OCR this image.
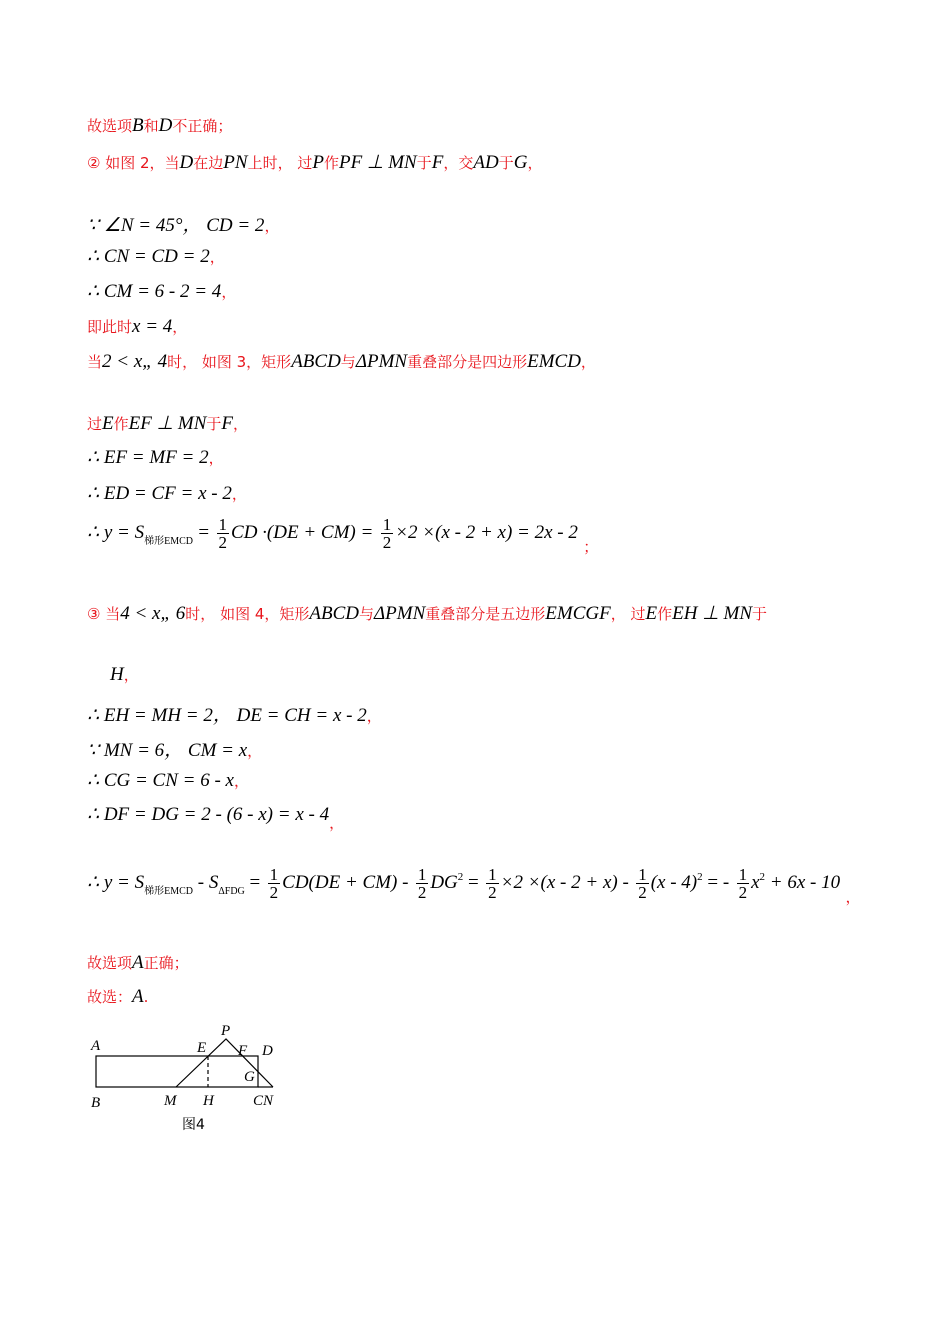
故选项B和D不正确；
② 如图 2，当D在边PN上时， 过P作PF ⊥ MN于F，交AD于G，
∵ ∠N = 45°， CD = 2，
∴ CN = CD = 2，
∴ CM = 6 - 2 = 4，
即此时x = 4，
当2 < x„ 4时， 如图 3，矩形ABCD与ΔPMN重叠部分是四边形EMCD，
过E作EF ⊥ MN于F，
∴ EF = MF = 2，
∴ ED = CF = x - 2，
∴ $y = S_{梯形EMCD} = \frac{1}{2}$ CD $\cdot(DE + CM) = \frac{1}{2} \times 2 \times(x - 2 + x) = 2x - 2$ ；
③ 当4 < x„ 6时， 如图 4，矩形ABCD与ΔPMN重叠部分是五边形EMCGF， 过E作EH ⊥ MN于
H，
∴ EH = MH = 2， DE = CH = x - 2，
∵ MN = 6， CM = x，
∴ CG = CN = 6 - x，
∴ DF = DG = 2 - (6 - x) = x - 4，
∴ $y = S_{梯形EMCD} - S_{\Delta FDG} = \frac{1}{2} CD(DE + CM) - \frac{1}{2} DG^2 = \frac{1}{2} \times 2 \times(x - 2 + x) - \frac{1}{2} (x - 4)^2$ = - $\frac{1}{2} x^2 + 6x - 10$ ，
故选项A正确；
故选：A.
A
B
E
P
F D
G
M H	CN
图4
